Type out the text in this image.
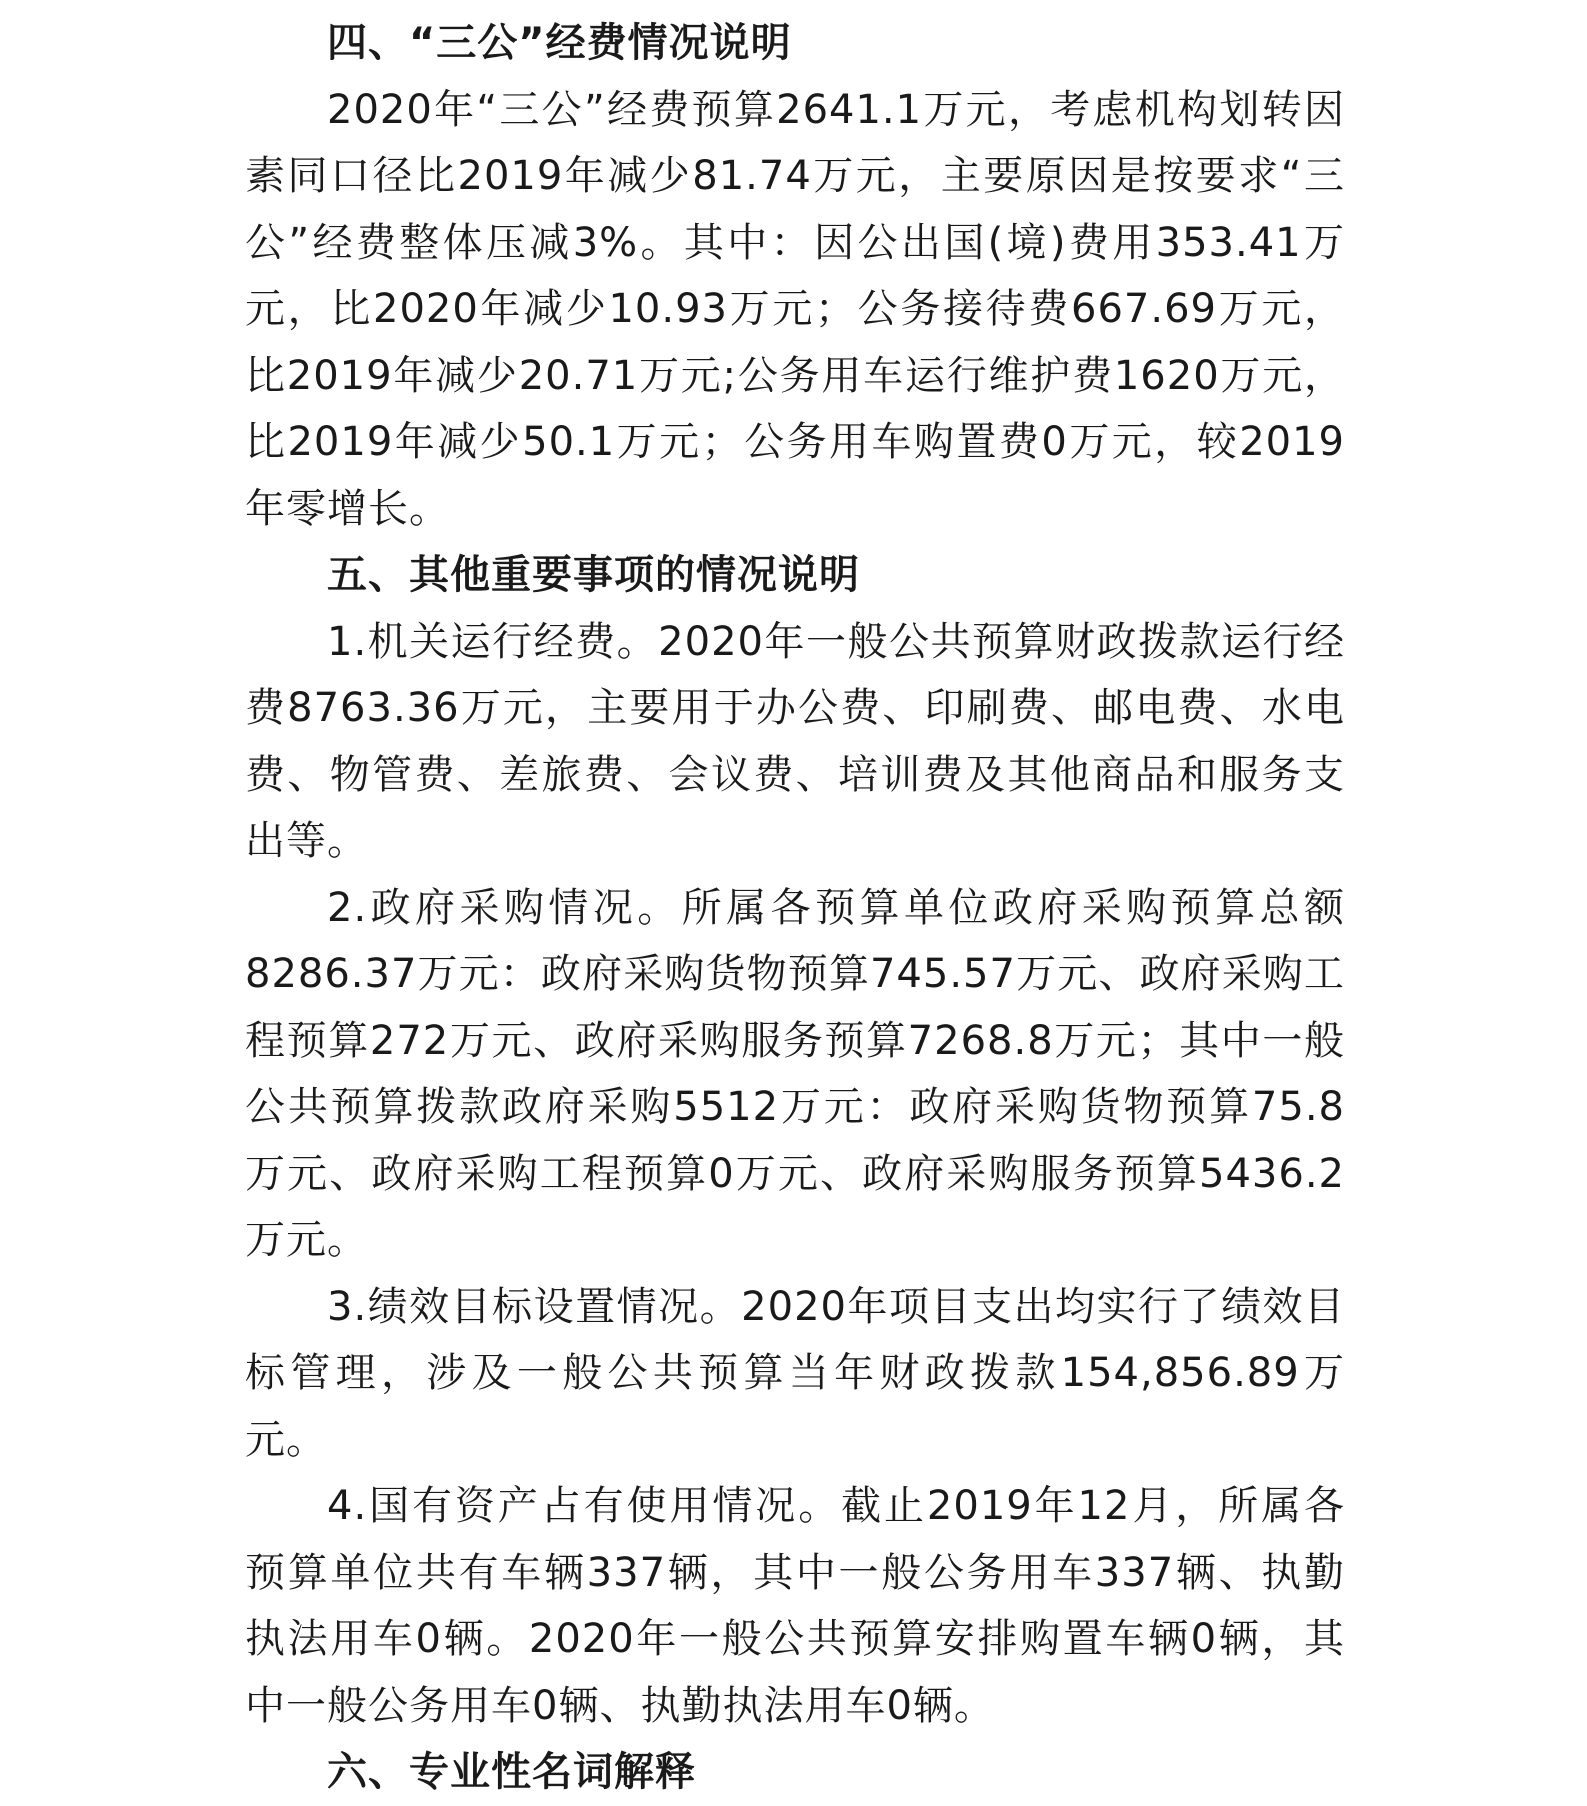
四、“三公”经费情况说明

2020年“三公”经费预算2641.1万元，考虑机构划转因素同口径比2019年减少81.74万元，主要原因是按要求“三公”经费整体压减3%。其中：因公出国(境)费用353.41万元，比2020年减少10.93万元；公务接待费667.69万元，比2019年减少20.71万元;公务用车运行维护费1620万元，比2019年减少50.1万元；公务用车购置费0万元，较2019年零增长。

五、其他重要事项的情况说明

1.机关运行经费。2020年一般公共预算财政拨款运行经费8763.36万元，主要用于办公费、印刷费、邮电费、水电费、物管费、差旅费、会议费、培训费及其他商品和服务支出等。

2.政府采购情况。所属各预算单位政府采购预算总额8286.37万元：政府采购货物预算745.57万元、政府采购工程预算272万元、政府采购服务预算7268.8万元；其中一般公共预算拨款政府采购5512万元：政府采购货物预算75.8万元、政府采购工程预算0万元、政府采购服务预算5436.2万元。

3.绩效目标设置情况。2020年项目支出均实行了绩效目标管理，涉及一般公共预算当年财政拨款154,856.89万元。

4.国有资产占有使用情况。截止2019年12月，所属各预算单位共有车辆337辆，其中一般公务用车337辆、执勤执法用车0辆。2020年一般公共预算安排购置车辆0辆，其中一般公务用车0辆、执勤执法用车0辆。

六、专业性名词解释
